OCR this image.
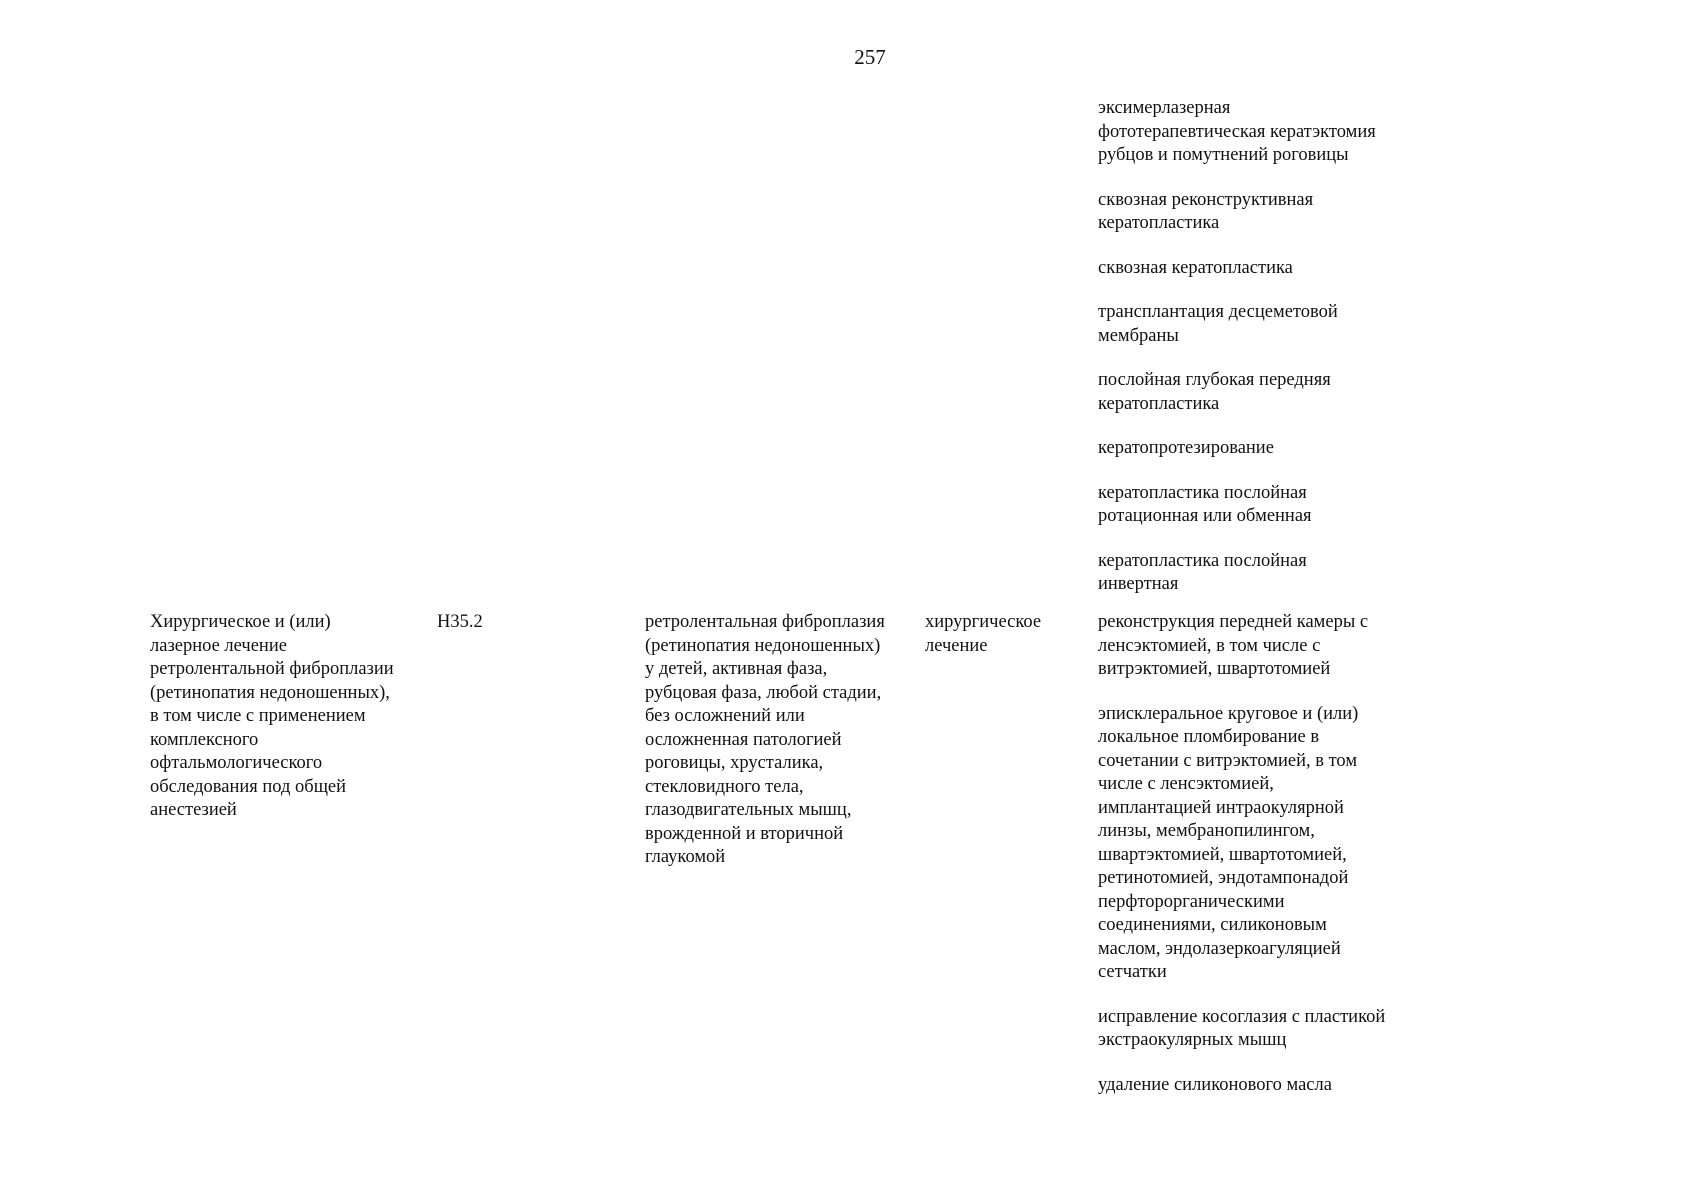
257
эксимерлазерная
фототерапевтическая кератэктомия
рубцов и помутнений роговицы
сквозная реконструктивная
кератопластика
сквозная кератопластика
трансплантация десцеметовой
мембраны
послойная глубокая передняя
кератопластика
кератопротезирование
кератопластика послойная
ротационная или обменная
кератопластика послойная
инвертная
Хирургическое и (или)
лазерное лечение
ретролентальной фиброплазии
(ретинопатия недоношенных),
в том числе с применением
комплексного
офтальмологического
обследования под общей
анестезией
H35.2	ретролентальная фиброплазия
(ретинопатия недоношенных)
у детей, активная фаза,
рубцовая фаза, любой стадии,
без осложнений или
осложненная патологией
роговицы, хрусталика,
стекловидного тела,
глазодвигательных мышц,
врожденной и вторичной
глаукомой
хирургическое
лечение
реконструкция передней камеры с
ленсэктомией, в том числе с
витрэктомией, швартотомией
эписклеральное круговое и (или)
локальное пломбирование в
сочетании с витрэктомией, в том
числе с ленсэктомией,
имплантацией интраокулярной
линзы, мембранопилингом,
швартэктомией, швартотомией,
ретинотомией, эндотампонадой
перфторорганическими
соединениями, силиконовым
маслом, эндолазеркоагуляцией
сетчатки
исправление косоглазия с пластикой
экстраокулярных мышц
удаление силиконового масла
